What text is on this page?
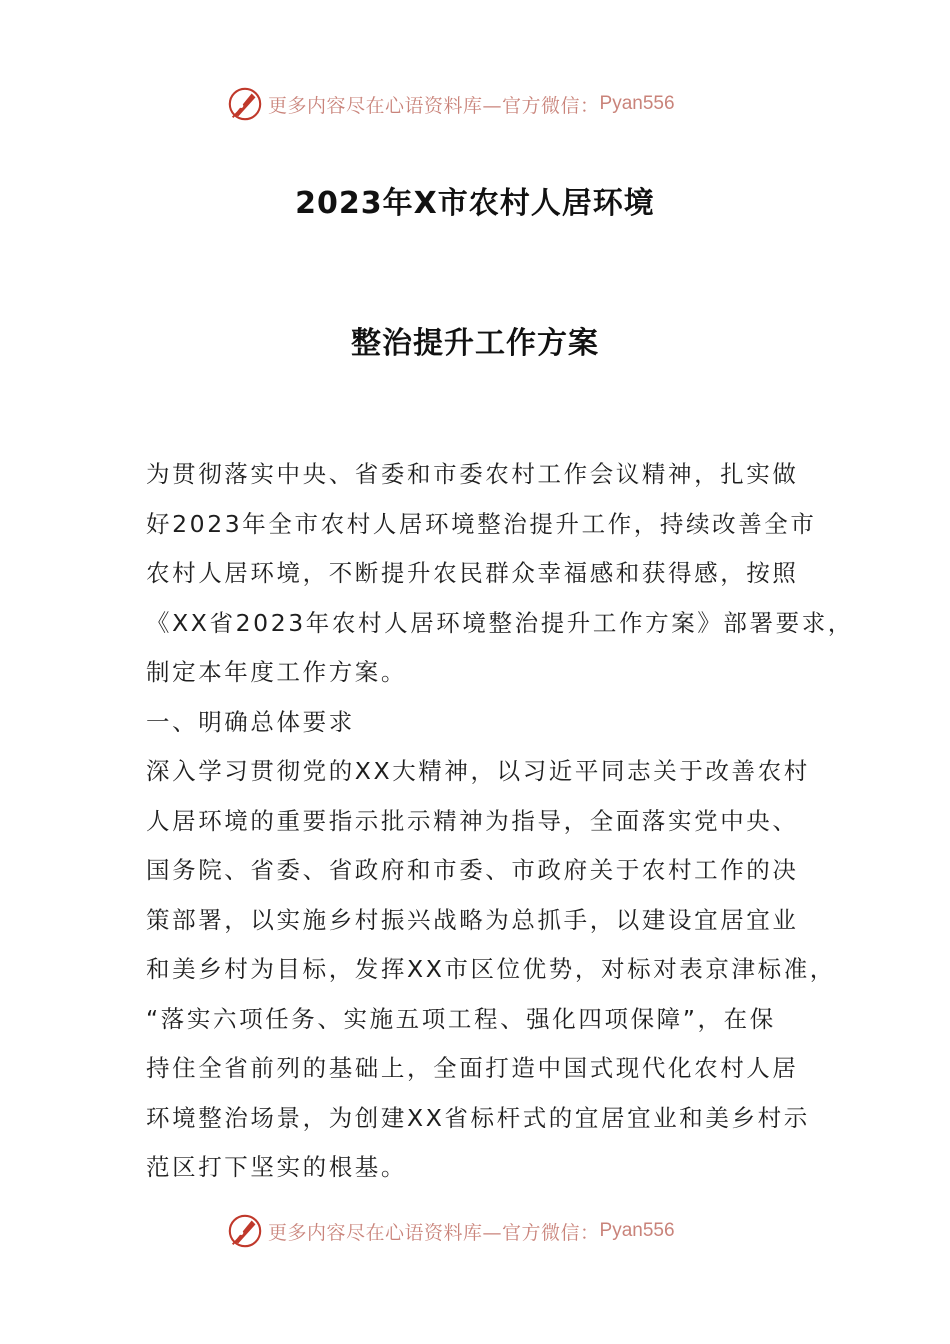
更多内容尽在心语资料库—官方微信： Pyan556
2023年X市农村人居环境
整治提升工作方案
为贯彻落实中央、省委和市委农村工作会议精神，扎实做
好2023年全市农村人居环境整治提升工作，持续改善全市
农村人居环境，不断提升农民群众幸福感和获得感，按照
《XX省2023年农村人居环境整治提升工作方案》部署要求，
制定本年度工作方案。
一、明确总体要求
深入学习贯彻党的XX大精神，以习近平同志关于改善农村
人居环境的重要指示批示精神为指导，全面落实党中央、
国务院、省委、省政府和市委、市政府关于农村工作的决
策部署，以实施乡村振兴战略为总抓手，以建设宜居宜业
和美乡村为目标，发挥XX市区位优势，对标对表京津标准，
“落实六项任务、实施五项工程、强化四项保障”，在保
持住全省前列的基础上，全面打造中国式现代化农村人居
环境整治场景，为创建XX省标杆式的宜居宜业和美乡村示
范区打下坚实的根基。
更多内容尽在心语资料库—官方微信： Pyan556
